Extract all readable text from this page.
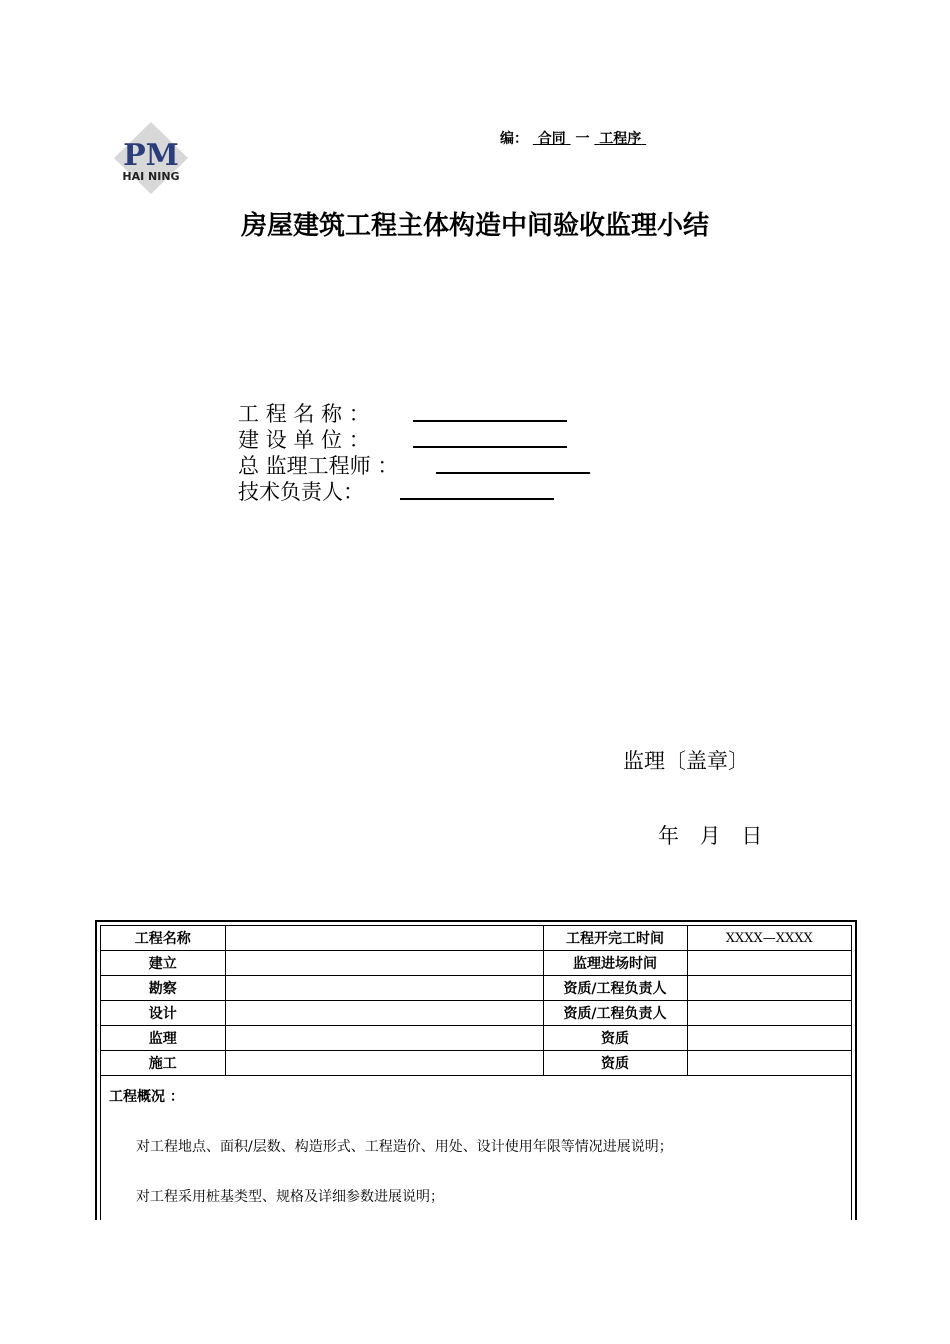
PM
HAI NING
编： 合同 一 工程序
房屋建筑工程主体构造中间验收监理小结
工 程 名 称 ：
建 设 单 位 ：
总 监理工程师 ：
技术负责人：
监理〔盖章〕
年 月 日
工程名称		工程开完工时间	XXXX—XXXX
建立		监理进场时间	
勘察		资质/工程负责人	
设计		资质/工程负责人	
监理		资质	
施工		资质	
工程概况 ：
对工程地点、面积/层数、构造形式、工程造价、用处、设计使用年限等情况进展说明；
对工程采用桩基类型、规格及详细参数进展说明；
